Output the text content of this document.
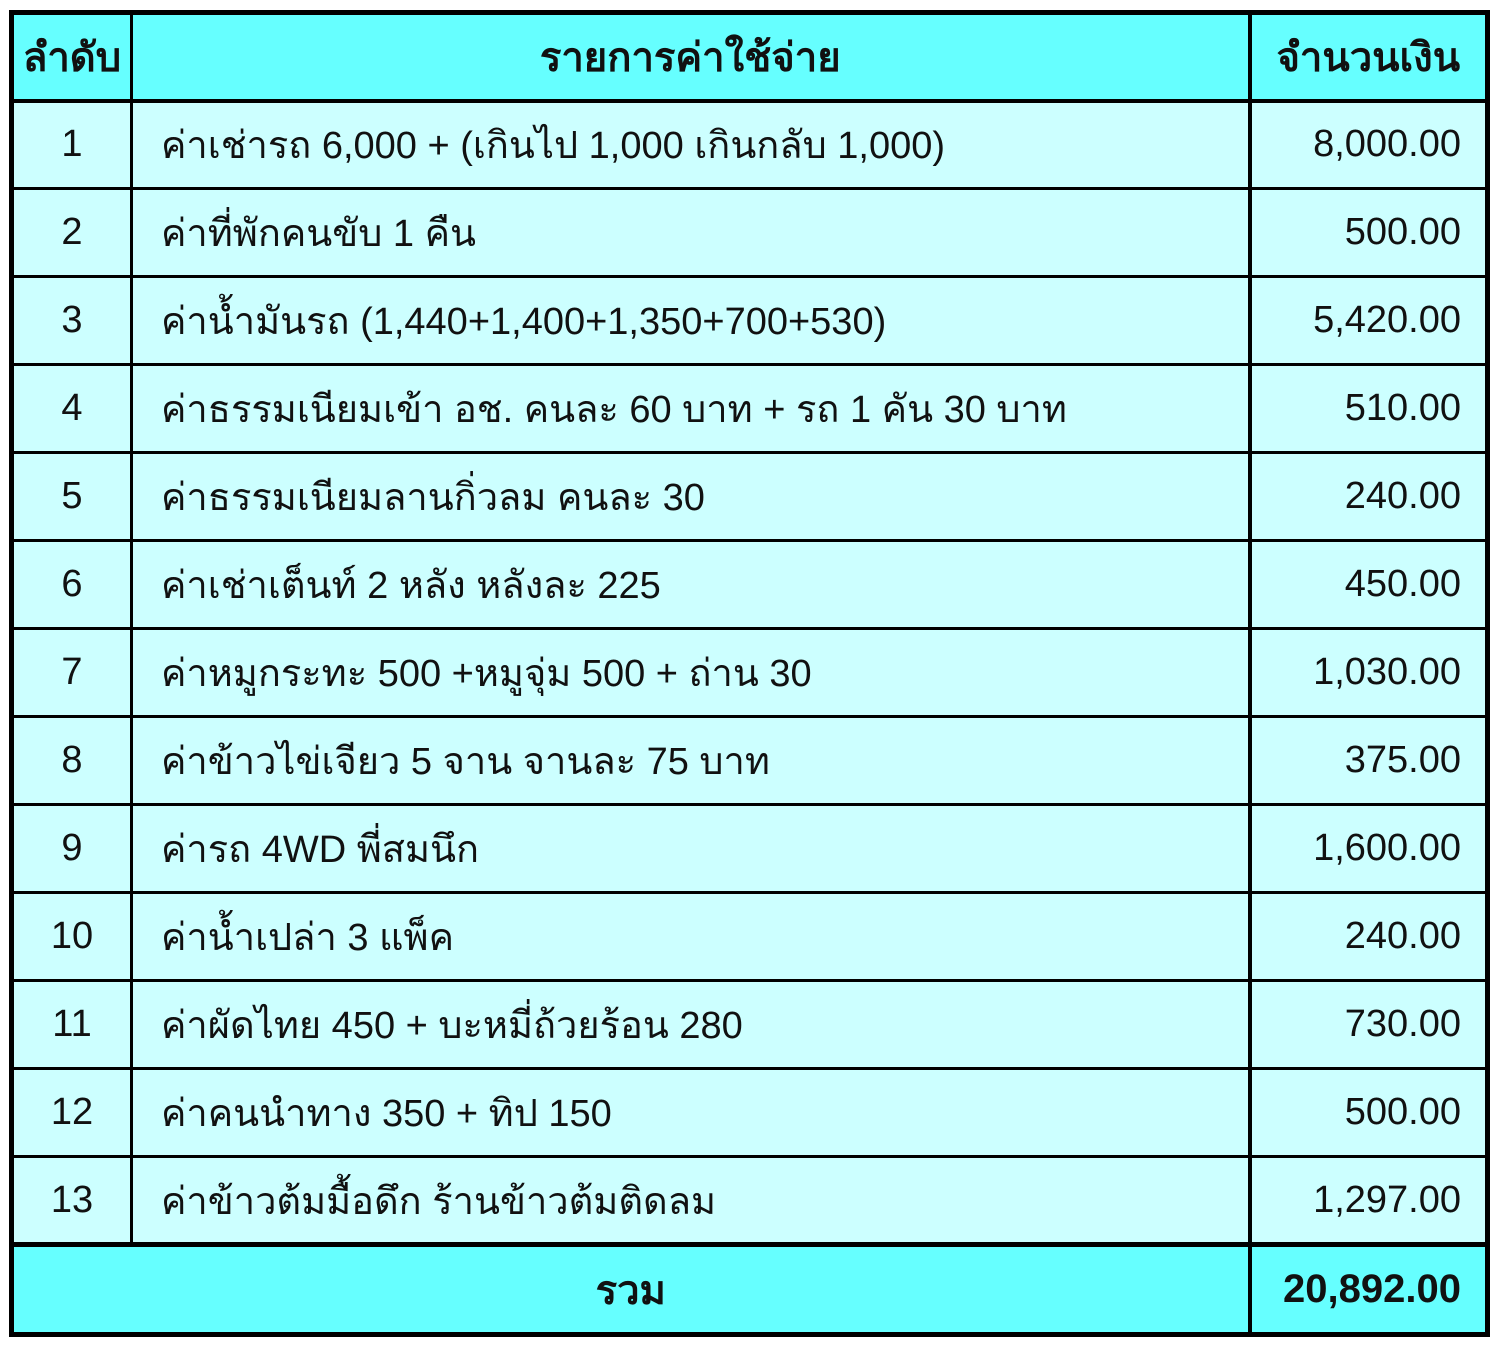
ลำดับ	รายการค่าใช้จ่าย	จำนวนเงิน
1	ค่าเช่ารถ 6,000 + (เกินไป 1,000 เกินกลับ 1,000)	8,000.00
2	ค่าที่พักคนขับ 1 คืน	500.00
3	ค่าน้ำมันรถ (1,440+1,400+1,350+700+530)	5,420.00
4	ค่าธรรมเนียมเข้า อช. คนละ 60 บาท + รถ 1 คัน 30 บาท	510.00
5	ค่าธรรมเนียมลานกิ่วลม คนละ 30	240.00
6	ค่าเช่าเต็นท์ 2 หลัง หลังละ 225	450.00
7	ค่าหมูกระทะ 500 +หมูจุ่ม 500 + ถ่าน 30	1,030.00
8	ค่าข้าวไข่เจียว 5 จาน จานละ 75 บาท	375.00
9	ค่ารถ 4WD พี่สมนึก	1,600.00
10	ค่าน้ำเปล่า 3 แพ็ค	240.00
11	ค่าผัดไทย 450 + บะหมี่ถ้วยร้อน 280	730.00
12	ค่าคนนำทาง 350 + ทิป 150	500.00
13	ค่าข้าวต้มมื้อดึก ร้านข้าวต้มติดลม	1,297.00
รวม		20,892.00
